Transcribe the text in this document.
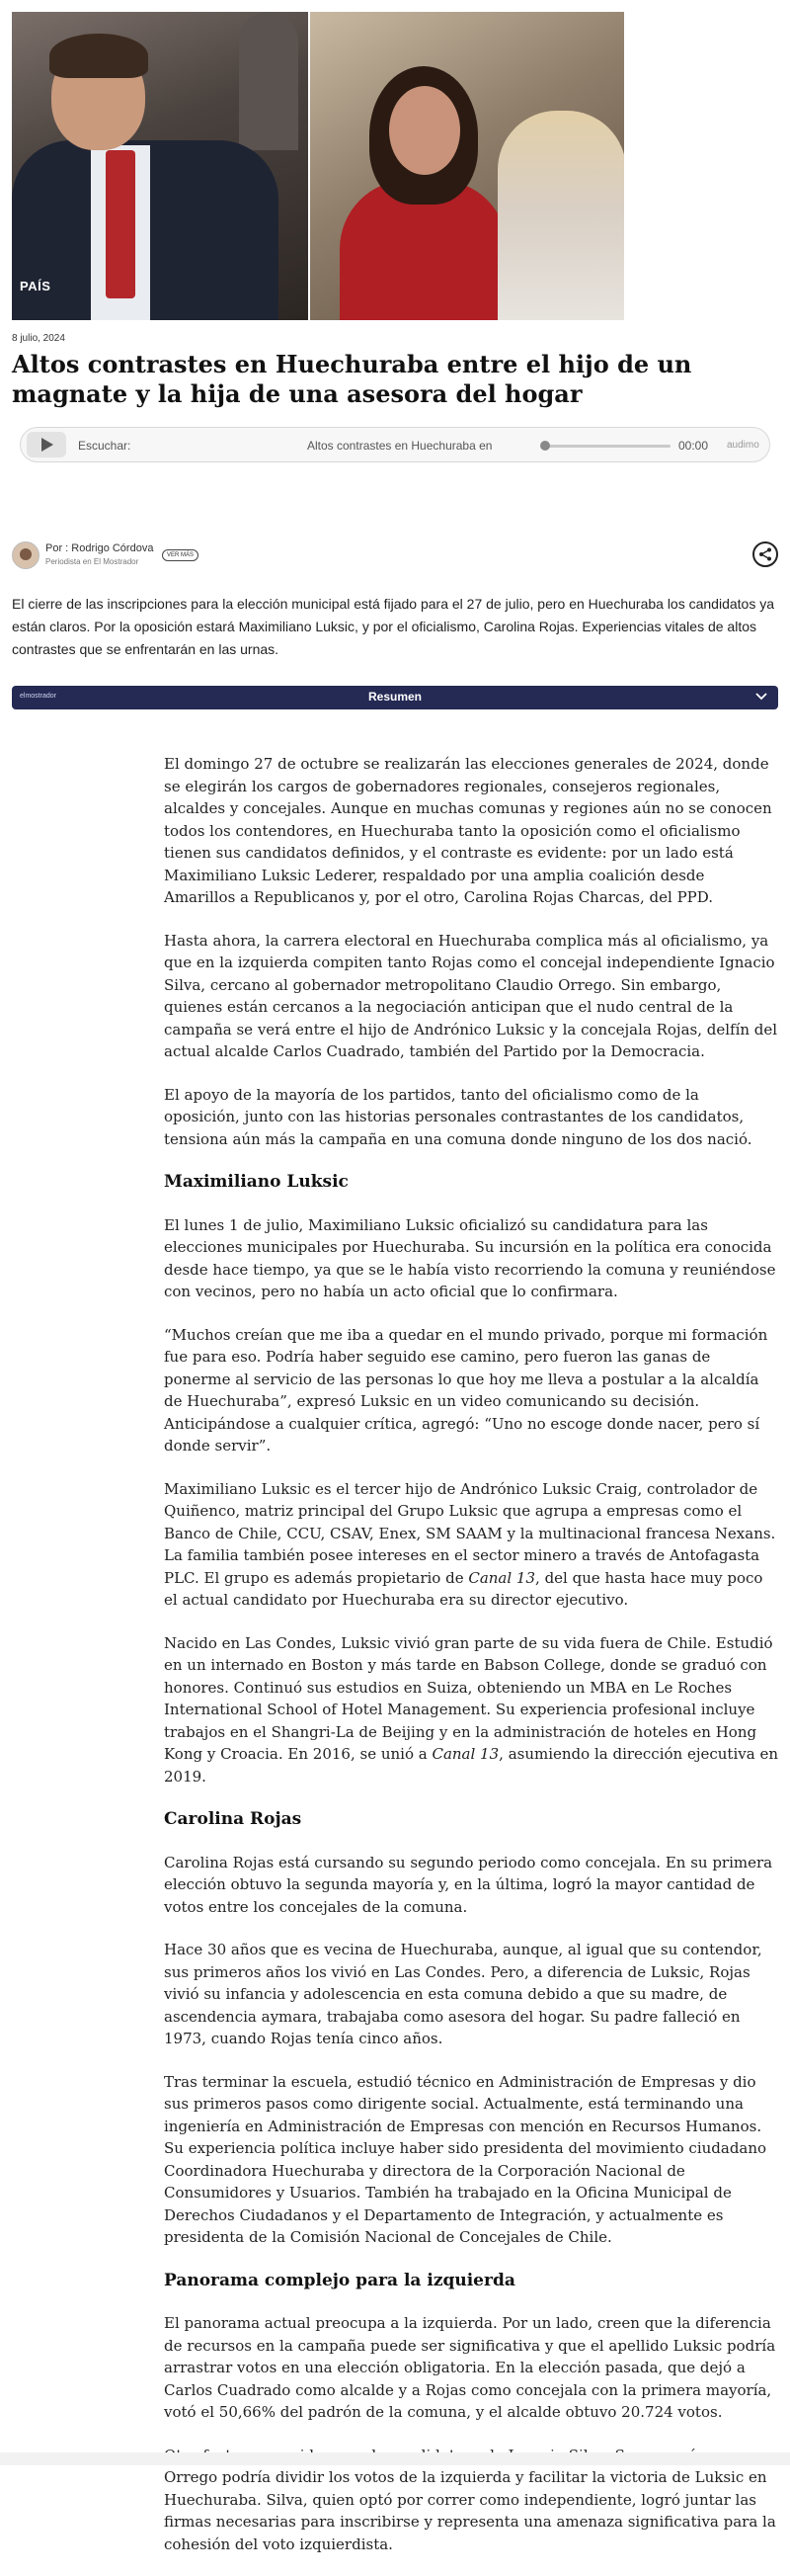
PAÍS
8 julio, 2024
Altos contrastes en Huechuraba entre el hijo de un magnate y la hija de una asesora del hogar
Escuchar:	Altos contrastes en Huechuraba en	00:00 audimo
Por : Rodrigo Córdova
Periodista en El Mostrador
VER MÁS

El cierre de las inscripciones para la elección municipal está fijado para el 27 de julio, pero en Huechuraba los candidatos ya están claros. Por la oposición estará Maximiliano Luksic, y por el oficialismo, Carolina Rojas. Experiencias vitales de altos contrastes que se enfrentarán en las urnas.

elmostrador	Resumen

El domingo 27 de octubre se realizarán las elecciones generales de 2024, donde se elegirán los cargos de gobernadores regionales, consejeros regionales, alcaldes y concejales. Aunque en muchas comunas y regiones aún no se conocen todos los contendores, en Huechuraba tanto la oposición como el oficialismo tienen sus candidatos definidos, y el contraste es evidente: por un lado está Maximiliano Luksic Lederer, respaldado por una amplia coalición desde Amarillos a Republicanos y, por el otro, Carolina Rojas Charcas, del PPD.

Hasta ahora, la carrera electoral en Huechuraba complica más al oficialismo, ya que en la izquierda compiten tanto Rojas como el concejal independiente Ignacio Silva, cercano al gobernador metropolitano Claudio Orrego. Sin embargo, quienes están cercanos a la negociación anticipan que el nudo central de la campaña se verá entre el hijo de Andrónico Luksic y la concejala Rojas, delfín del actual alcalde Carlos Cuadrado, también del Partido por la Democracia.

El apoyo de la mayoría de los partidos, tanto del oficialismo como de la oposición, junto con las historias personales contrastantes de los candidatos, tensiona aún más la campaña en una comuna donde ninguno de los dos nació.

Maximiliano Luksic

El lunes 1 de julio, Maximiliano Luksic oficializó su candidatura para las elecciones municipales por Huechuraba. Su incursión en la política era conocida desde hace tiempo, ya que se le había visto recorriendo la comuna y reuniéndose con vecinos, pero no había un acto oficial que lo confirmara.

“Muchos creían que me iba a quedar en el mundo privado, porque mi formación fue para eso. Podría haber seguido ese camino, pero fueron las ganas de ponerme al servicio de las personas lo que hoy me lleva a postular a la alcaldía de Huechuraba”, expresó Luksic en un video comunicando su decisión. Anticipándose a cualquier crítica, agregó: “Uno no escoge donde nacer, pero sí donde servir”.

Maximiliano Luksic es el tercer hijo de Andrónico Luksic Craig, controlador de Quiñenco, matriz principal del Grupo Luksic que agrupa a empresas como el Banco de Chile, CCU, CSAV, Enex, SM SAAM y la multinacional francesa Nexans. La familia también posee intereses en el sector minero a través de Antofagasta PLC. El grupo es además propietario de Canal 13, del que hasta hace muy poco el actual candidato por Huechuraba era su director ejecutivo.

Nacido en Las Condes, Luksic vivió gran parte de su vida fuera de Chile. Estudió en un internado en Boston y más tarde en Babson College, donde se graduó con honores. Continuó sus estudios en Suiza, obteniendo un MBA en Le Roches International School of Hotel Management. Su experiencia profesional incluye trabajos en el Shangri-La de Beijing y en la administración de hoteles en Hong Kong y Croacia. En 2016, se unió a Canal 13, asumiendo la dirección ejecutiva en 2019.

Carolina Rojas

Carolina Rojas está cursando su segundo periodo como concejala. En su primera elección obtuvo la segunda mayoría y, en la última, logró la mayor cantidad de votos entre los concejales de la comuna.

Hace 30 años que es vecina de Huechuraba, aunque, al igual que su contendor, sus primeros años los vivió en Las Condes. Pero, a diferencia de Luksic, Rojas vivió su infancia y adolescencia en esta comuna debido a que su madre, de ascendencia aymara, trabajaba como asesora del hogar. Su padre falleció en 1973, cuando Rojas tenía cinco años.

Tras terminar la escuela, estudió técnico en Administración de Empresas y dio sus primeros pasos como dirigente social. Actualmente, está terminando una ingeniería en Administración de Empresas con mención en Recursos Humanos. Su experiencia política incluye haber sido presidenta del movimiento ciudadano Coordinadora Huechuraba y directora de la Corporación Nacional de Consumidores y Usuarios. También ha trabajado en la Oficina Municipal de Derechos Ciudadanos y el Departamento de Integración, y actualmente es presidenta de la Comisión Nacional de Concejales de Chile.

Panorama complejo para la izquierda

El panorama actual preocupa a la izquierda. Por un lado, creen que la diferencia de recursos en la campaña puede ser significativa y que el apellido Luksic podría arrastrar votos en una elección obligatoria. En la elección pasada, que dejó a Carlos Cuadrado como alcalde y a Rojas como concejala con la primera mayoría, votó el 50,66% del padrón de la comuna, y el alcalde obtuvo 20.724 votos.

Orrego podría dividir los votos de la izquierda y facilitar la victoria de Luksic en Huechuraba. Silva, quien optó por correr como independiente, logró juntar las firmas necesarias para inscribirse y representa una amenaza significativa para la cohesión del voto izquierdista.
